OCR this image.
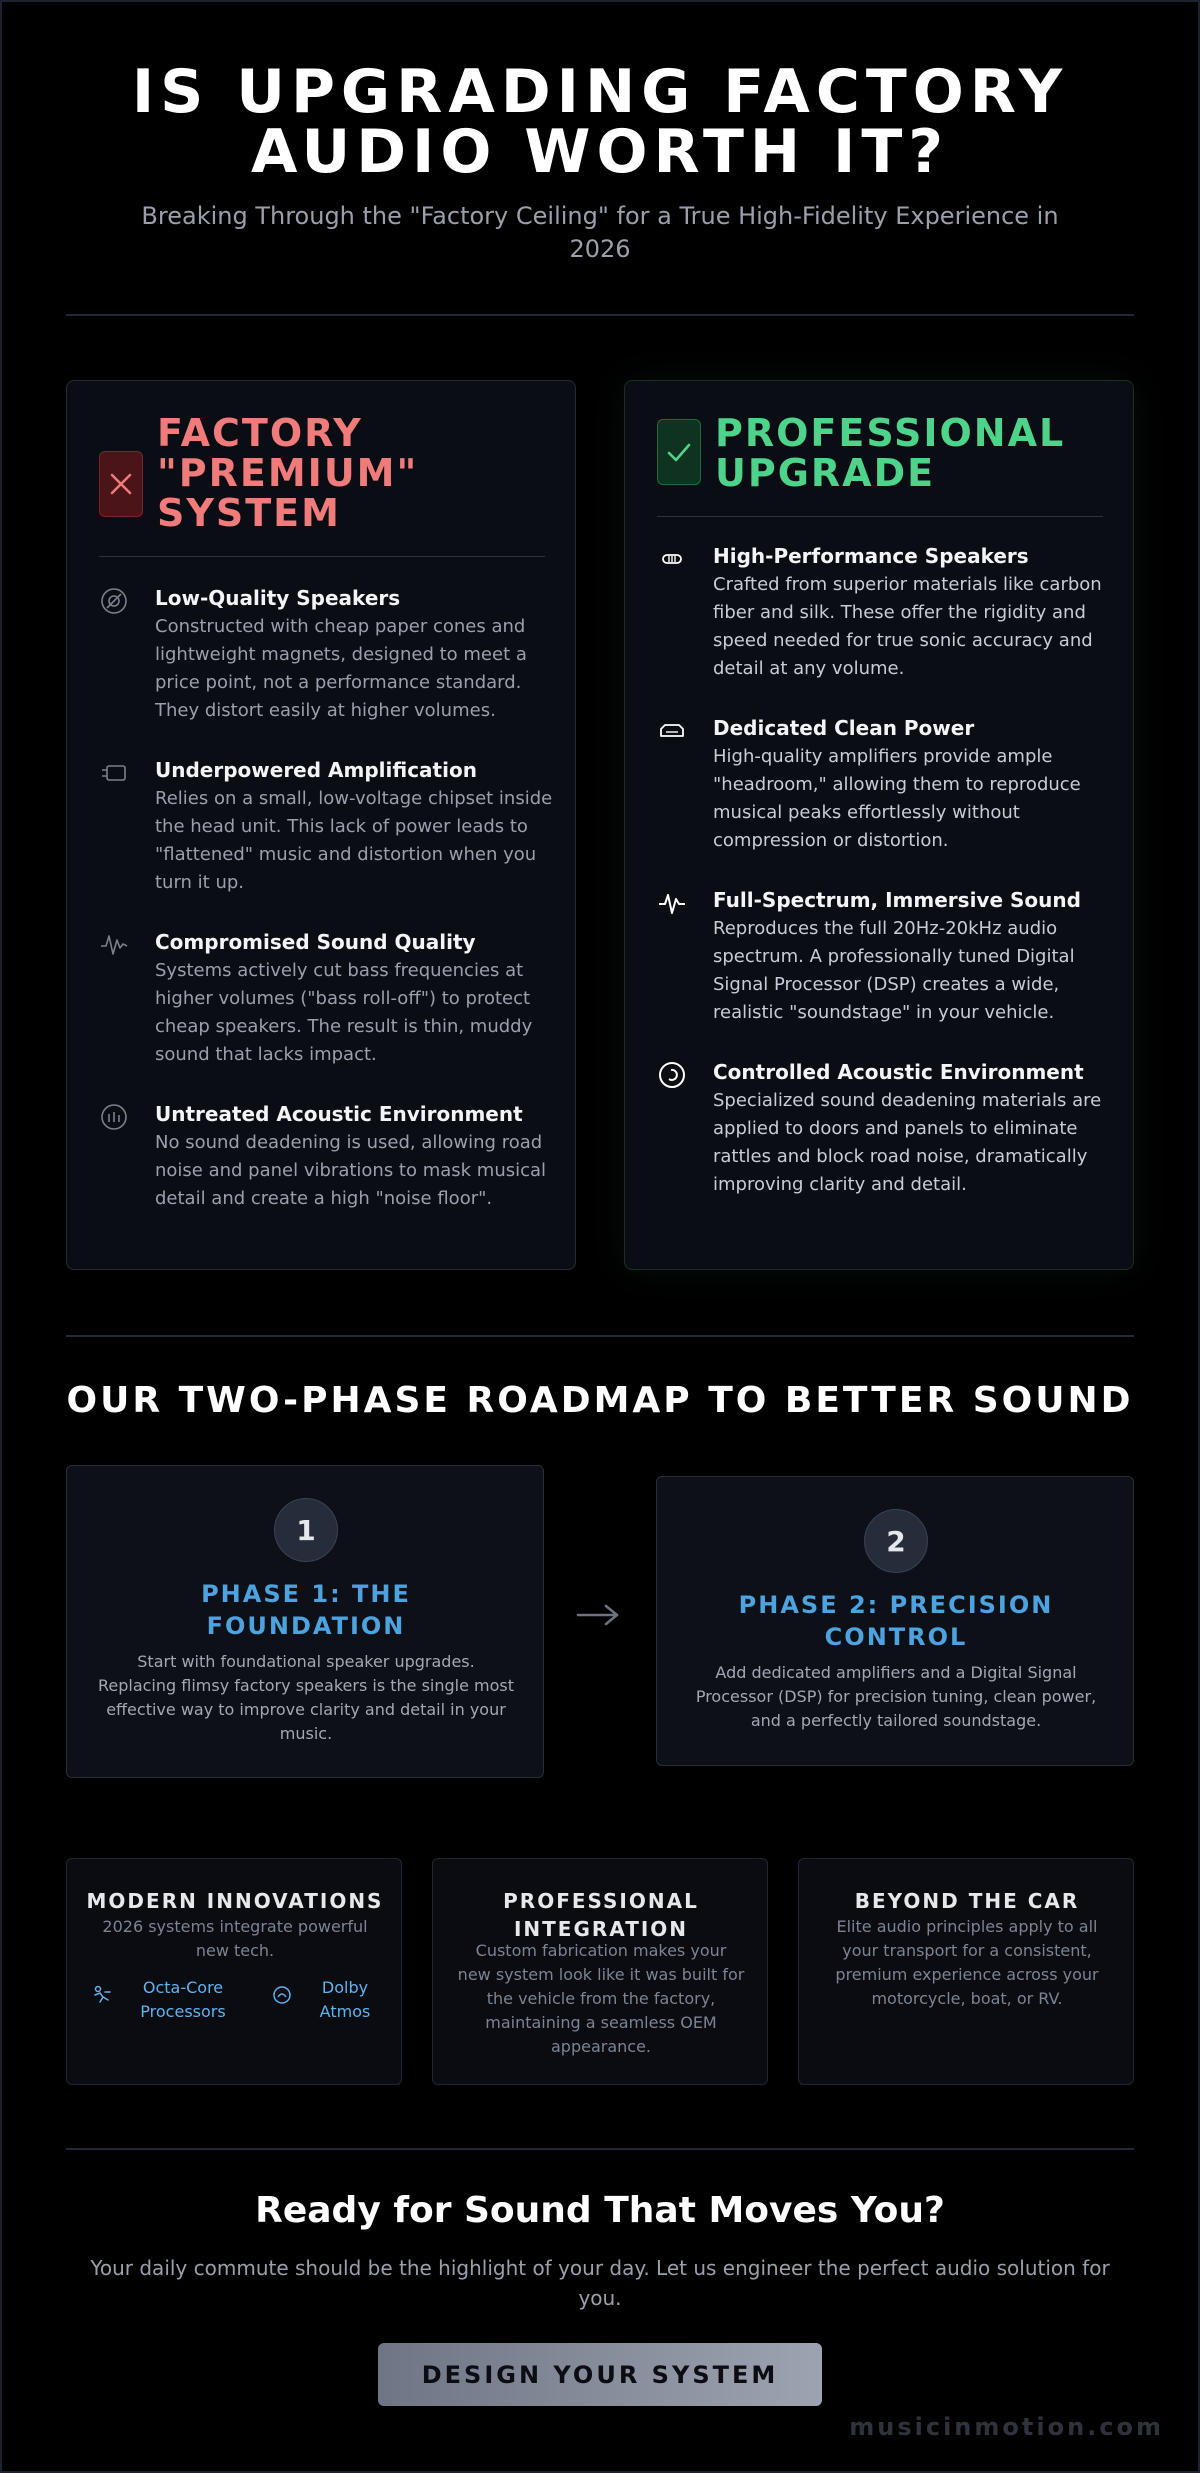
IS UPGRADING FACTORY
AUDIO WORTH IT?

Breaking Through the "Factory Ceiling" for a True High-Fidelity Experience in 2026

FACTORY "PREMIUM" SYSTEM
Low-Quality Speakers

Constructed with cheap paper cones and lightweight magnets, designed to meet a price point, not a performance standard. They distort easily at higher volumes.

Underpowered Amplification

Relies on a small, low-voltage chipset inside the head unit. This lack of power leads to "flattened" music and distortion when you turn it up.

Compromised Sound Quality

Systems actively cut bass frequencies at higher volumes ("bass roll-off") to protect cheap speakers. The result is thin, muddy sound that lacks impact.

Untreated Acoustic Environment

No sound deadening is used, allowing road noise and panel vibrations to mask musical detail and create a high "noise floor".

PROFESSIONAL UPGRADE
High-Performance Speakers

Crafted from superior materials like carbon fiber and silk. These offer the rigidity and speed needed for true sonic accuracy and detail at any volume.

Dedicated Clean Power

High-quality amplifiers provide ample "headroom," allowing them to reproduce musical peaks effortlessly without compression or distortion.

Full-Spectrum, Immersive Sound

Reproduces the full 20Hz-20kHz audio spectrum. A professionally tuned Digital Signal Processor (DSP) creates a wide, realistic "soundstage" in your vehicle.

Controlled Acoustic Environment

Specialized sound deadening materials are applied to doors and panels to eliminate rattles and block road noise, dramatically improving clarity and detail.

OUR TWO-PHASE ROADMAP TO BETTER SOUND
1
PHASE 1: THE FOUNDATION

Start with foundational speaker upgrades. Replacing flimsy factory speakers is the single most effective way to improve clarity and detail in your music.

2
PHASE 2: PRECISION CONTROL

Add dedicated amplifiers and a Digital Signal Processor (DSP) for precision tuning, clean power, and a perfectly tailored soundstage.

MODERN INNOVATIONS

2026 systems integrate powerful new tech.

Octa-Core Processors
Dolby Atmos
PROFESSIONAL INTEGRATION

Custom fabrication makes your new system look like it was built for the vehicle from the factory, maintaining a seamless OEM appearance.

BEYOND THE CAR

Elite audio principles apply to all your transport for a consistent, premium experience across your motorcycle, boat, or RV.

Ready for Sound That Moves You?

Your daily commute should be the highlight of your day. Let us engineer the perfect audio solution for you.

DESIGN YOUR SYSTEM
musicinmotion.com
